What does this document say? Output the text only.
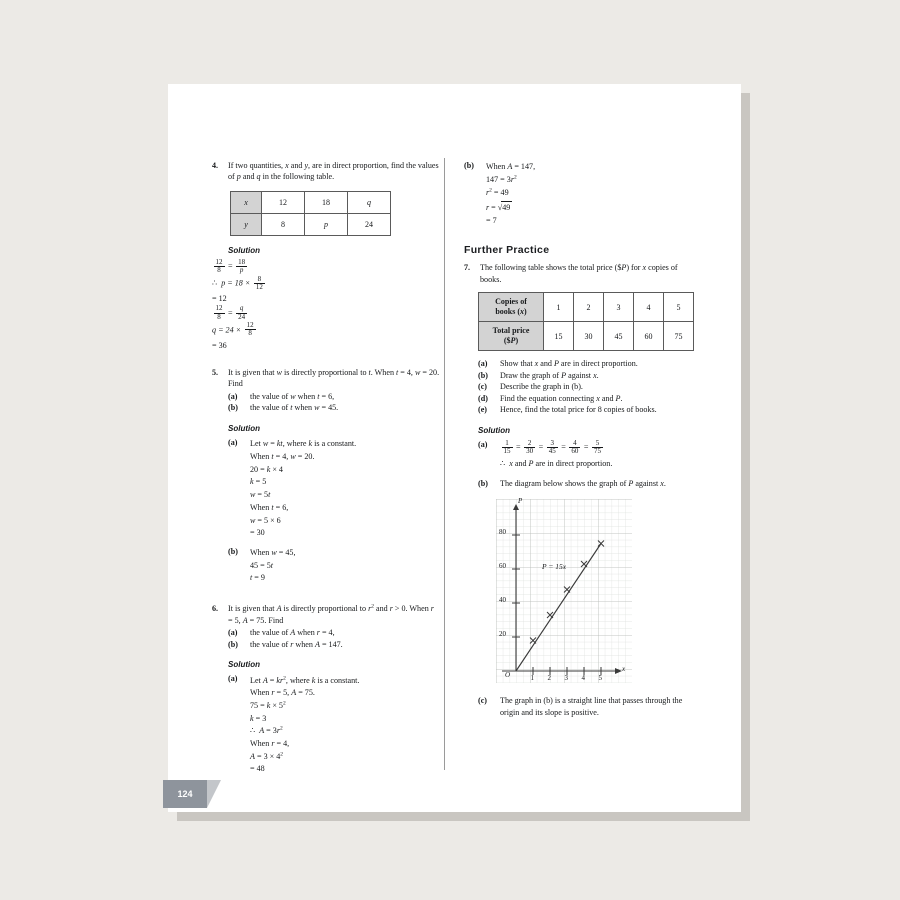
124
4.	If two quantities, x and y, are in direct proportion, find the values of p and q in the following table.
x	12	18	q
y	8	p	24
Solution
$\frac{12}{8} = \frac{18}{p}$
∴  $p = 18 \times \frac{8}{12}$
= 12
$\frac{12}{8} = \frac{q}{24}$
$q = 24 \times \frac{12}{8}$
= 36
5.	It is given that w is directly proportional to t. When t = 4, w = 20. Find
(a)	the value of w when t = 6,
(b)	the value of t when w = 45.
Solution
(a)	Let w = kt, where k is a constant.
When t = 4, w = 20.
20 = k × 4
k = 5
w = 5t
When t = 6,
w = 5 × 6
= 30
(b)	When w = 45,
45 = 5t
t = 9
6.	It is given that A is directly proportional to $r^2$ and r > 0. When r = 5, A = 75. Find
(a)	the value of A when r = 4,
(b)	the value of r when A = 147.
Solution
(a)	Let $A = kr^2$, where k is a constant.
When r = 5, A = 75.
$75 = k \times 5^2$
k = 3
∴  $A = 3r^2$
When r = 4,
$A = 3 \times 4^2$
= 48
(b)	When A = 147,
$147 = 3r^2$
$r^2 = 49$
r = √49
= 7
Further Practice
7.	The following table shows the total price ($P) for x copies of books.
Copies of
books (x)	1	2	3	4	5
Total price
($P)	15	30	45	60	75
(a)	Show that x and P are in direct proportion.
(b)	Draw the graph of P against x.
(c)	Describe the graph in (b).
(d)	Find the equation connecting x and P.
(e)	Hence, find the total price for 8 copies of books.
Solution
(a)	$\frac{1}{15} = \frac{2}{30} = \frac{3}{45} = \frac{4}{60} = \frac{5}{75}$
∴  x and P are in direct proportion.
(b)	The diagram below shows the graph of P against x.
P
x
O
20
40
60
80
1 2 3 4 5
P = 15x
(c)	The graph in (b) is a straight line that passes through the origin and its slope is positive.
